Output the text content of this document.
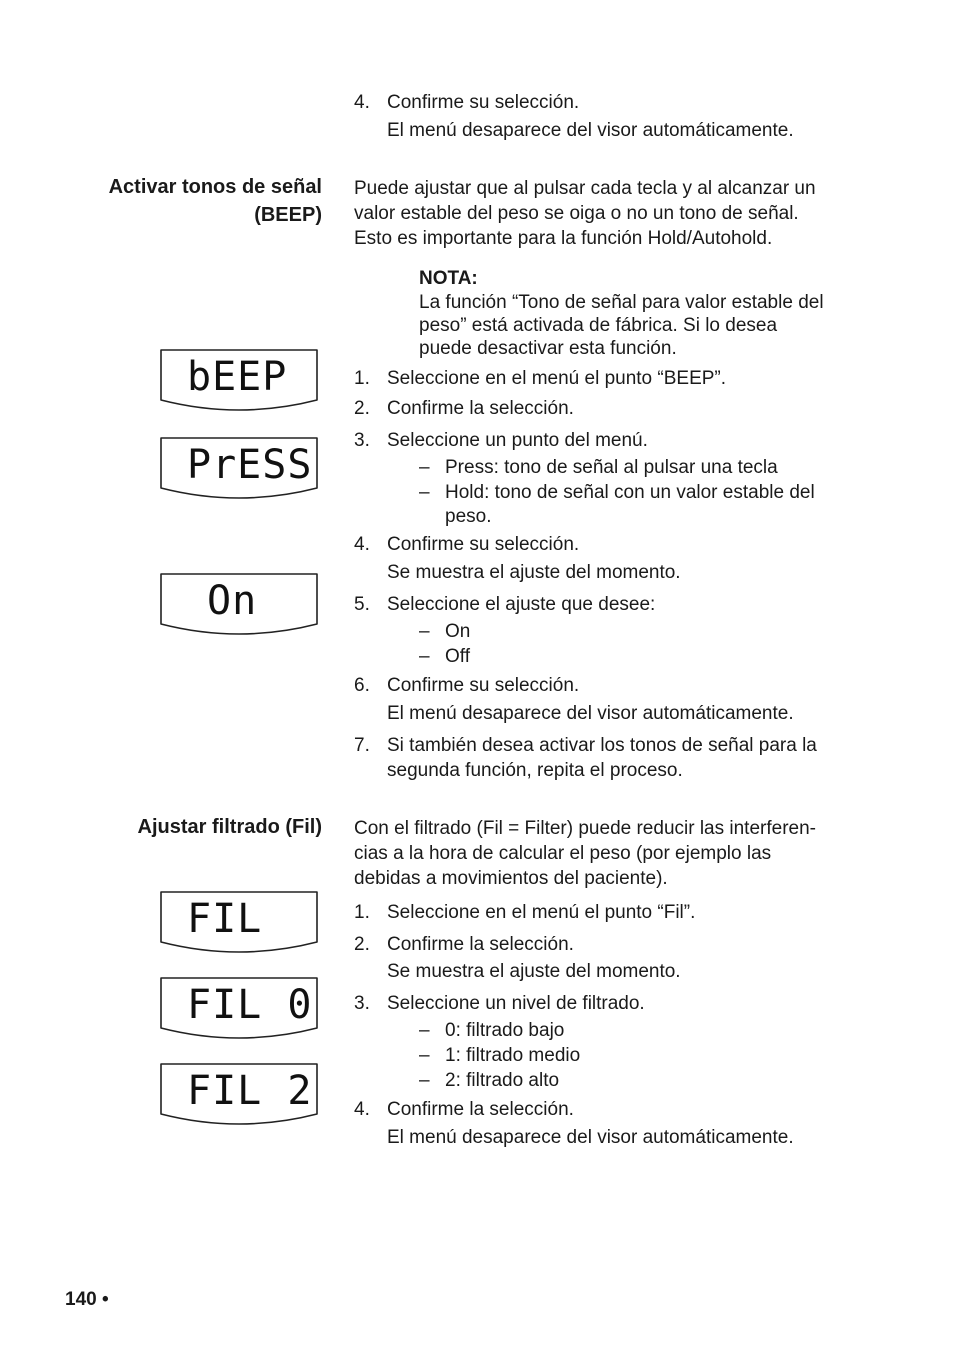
4. Confirme su selección.
El menú desaparece del visor automáticamente.
Activar tonos de señal
(BEEP)
Puede ajustar que al pulsar cada tecla y al alcanzar un
valor estable del peso se oiga o no un tono de señal.
Esto es importante para la función Hold/Autohold.
NOTA:
La función “Tono de señal para valor estable del
peso” está activada de fábrica. Si lo desea
puede desactivar esta función.
1. Seleccione en el menú el punto “BEEP”.
2. Confirme la selección.
3. Seleccione un punto del menú.
– Press: tono de señal al pulsar una tecla
– Hold: tono de señal con un valor estable del
peso.
4. Confirme su selección.
Se muestra el ajuste del momento.
5. Seleccione el ajuste que desee:
– On
– Off
6. Confirme su selección.
El menú desaparece del visor automáticamente.
7. Si también desea activar los tonos de señal para la
segunda función, repita el proceso.
bEEP
PrESS
On
Ajustar filtrado (Fil) Con el filtrado (Fil = Filter) puede reducir las interferen-
cias a la hora de calcular el peso (por ejemplo las
debidas a movimientos del paciente).
1. Seleccione en el menú el punto “Fil”.
2. Confirme la selección.
Se muestra el ajuste del momento.
3. Seleccione un nivel de filtrado.
– 0: filtrado bajo
– 1: filtrado medio
– 2: filtrado alto
4. Confirme la selección.
El menú desaparece del visor automáticamente.
FIL
FIL 0
FIL 2
140 •
